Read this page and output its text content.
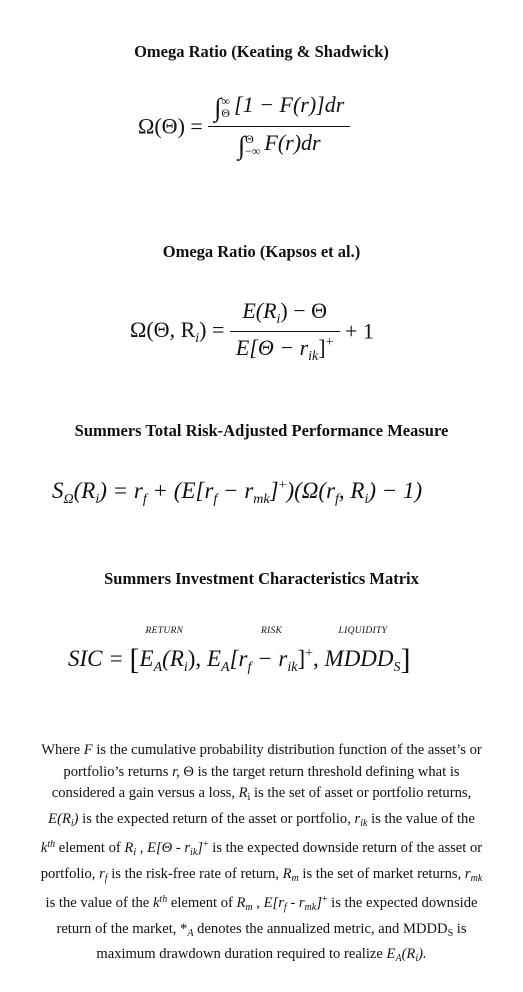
Omega Ratio (Keating & Shadwick)
Ω(Θ) = ∫ ∞
Θ [1 − F(r)]dr
∫ Θ
−∞ F(r)dr
Omega Ratio (Kapsos et al.)
Ω(Θ, $R_i) = \frac{E(R_i) - \Theta}{E[\Theta - r_{ik}]^+} + 1$
Summers Total Risk-Adjusted Performance Measure
$S_\Omega(R_i) = r_f + (E[r_f - r_{mk}]^+)(\Omega(r_f$, $R_i) - 1$)
Summers Investment Characteristics Matrix
SIC = [
RETURN
$E_A(R_i)$,
RISK
$E_A[r_f - r_{ik}]^+$,
LIQUIDITY
$MDDD_S$]
Where F is the cumulative probability distribution function of the asset’s or portfolio’s returns r, Θ is the target return threshold defining what is considered a gain versus a loss, $R_i$ is the set of asset or portfolio returns, $E(R_i)$ is the expected return of the asset or portfolio, $r_{ik}$ is the value of the $k^{th}$ element of $R_i$ , $E[\Theta - r_{ik}]^+$ is the expected downside return of the asset or portfolio, $r_f$ is the risk-free rate of return, $R_m$ is the set of market returns, $r_{mk}$ is the value of the $k^{th}$ element of $R_m$ , $E[r_f - r_{mk}]^+$ is the expected downside return of the market, $*_A$ denotes the annualized metric, and $MDDD_S$ is maximum drawdown duration required to realize $E_A(R_i)$.
